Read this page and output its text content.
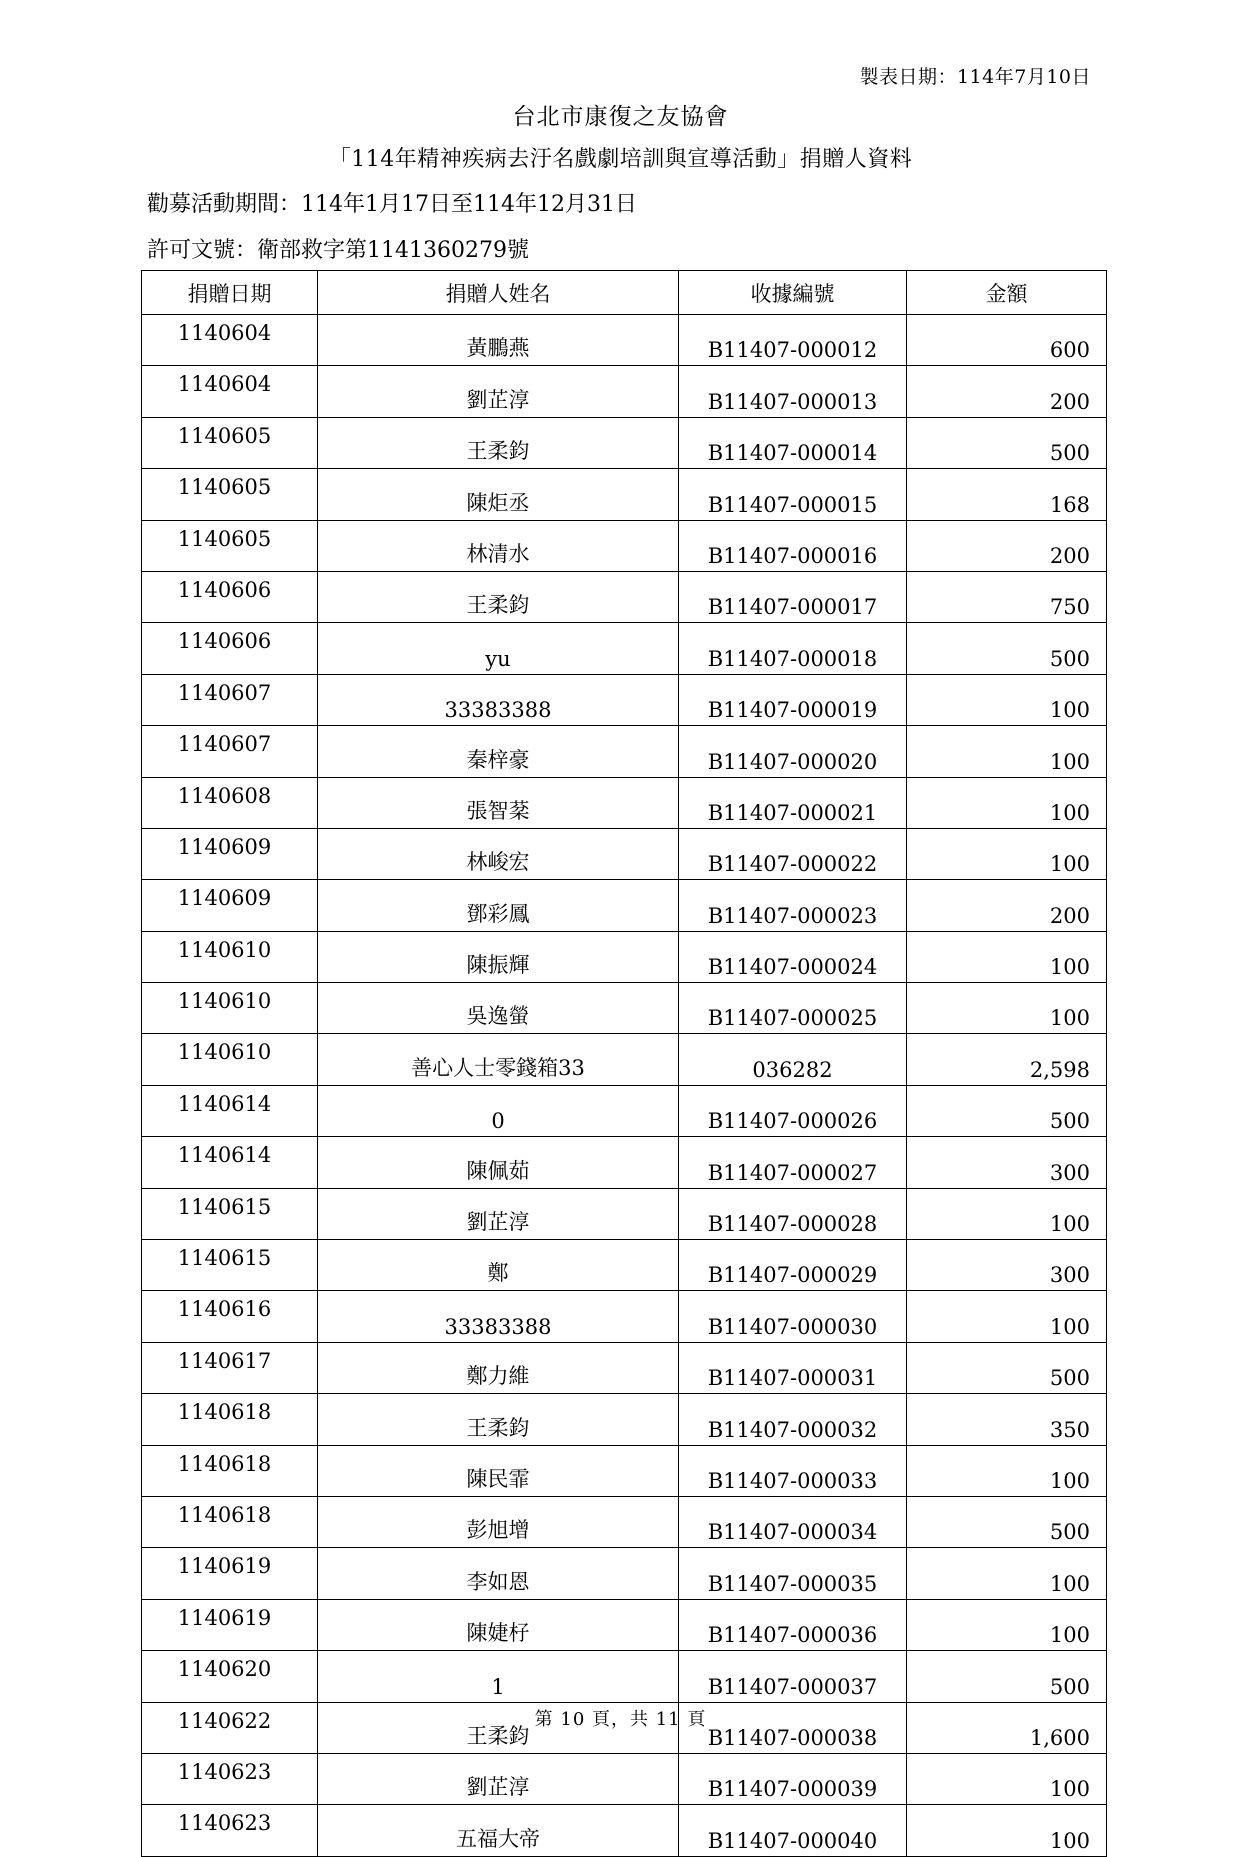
製表日期：114年7月10日
台北市康復之友協會
「114年精神疾病去汙名戲劇培訓與宣導活動」捐贈人資料
勸募活動期間：114年1月17日至114年12月31日
許可文號：衛部救字第1141360279號
捐贈日期	捐贈人姓名	收據編號	金額
1140604	黃鵬燕	B11407-000012	600
1140604	劉芷淳	B11407-000013	200
1140605	王柔鈞	B11407-000014	500
1140605	陳炬丞	B11407-000015	168
1140605	林清水	B11407-000016	200
1140606	王柔鈞	B11407-000017	750
1140606	yu	B11407-000018	500
1140607	33383388	B11407-000019	100
1140607	秦梓豪	B11407-000020	100
1140608	張智棻	B11407-000021	100
1140609	林峻宏	B11407-000022	100
1140609	鄧彩鳳	B11407-000023	200
1140610	陳振輝	B11407-000024	100
1140610	吳逸螢	B11407-000025	100
1140610	善心人士零錢箱33	036282	2,598
1140614	0	B11407-000026	500
1140614	陳佩茹	B11407-000027	300
1140615	劉芷淳	B11407-000028	100
1140615	鄭	B11407-000029	300
1140616	33383388	B11407-000030	100
1140617	鄭力維	B11407-000031	500
1140618	王柔鈞	B11407-000032	350
1140618	陳民霏	B11407-000033	100
1140618	彭旭增	B11407-000034	500
1140619	李如恩	B11407-000035	100
1140619	陳婕杍	B11407-000036	100
1140620	1	B11407-000037	500
1140622	王柔鈞	B11407-000038	1,600
1140623	劉芷淳	B11407-000039	100
1140623	五福大帝	B11407-000040	100
第 10 頁，共 11 頁
